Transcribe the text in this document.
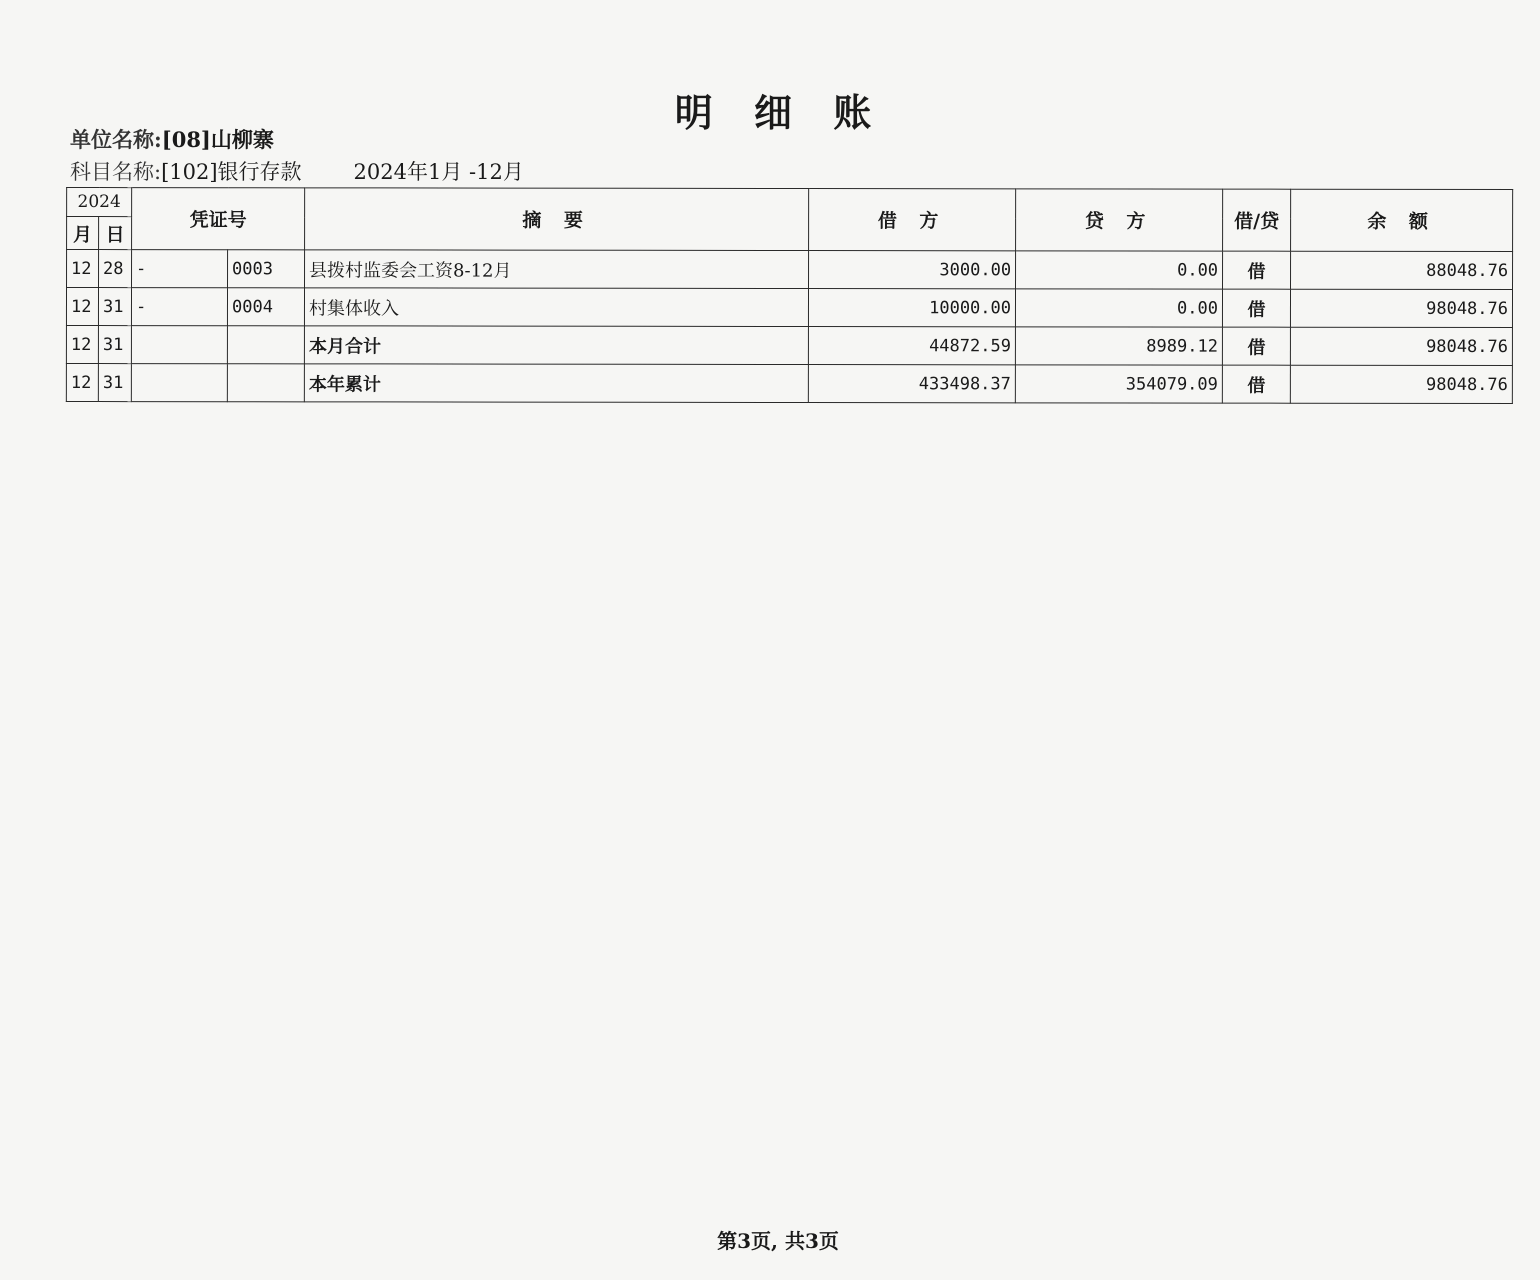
明 细 账
单位名称:[08]山柳寨
科目名称:[102]银行存款 2024年1月 -12月
2024		凭证号		摘 要	借 方	贷 方	借/贷	余 额
月	日							
12	28	-	0003	县拨村监委会工资8-12月	3000.00	0.00	借	88048.76
12	31	-	0004	村集体收入	10000.00	0.00	借	98048.76
12	31			本月合计	44872.59	8989.12	借	98048.76
12	31			本年累计	433498.37	354079.09	借	98048.76
第3页, 共3页
